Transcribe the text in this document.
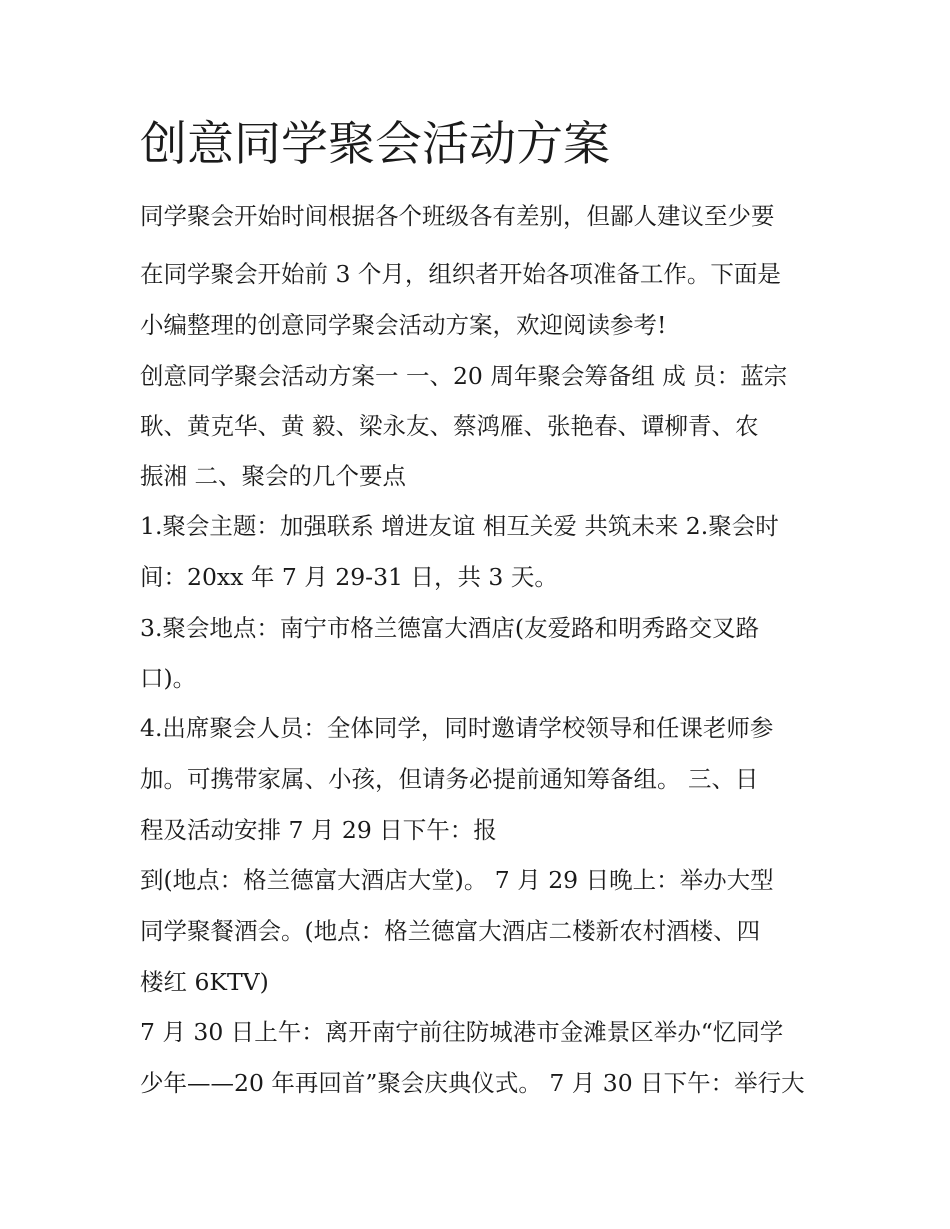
创意同学聚会活动方案

同学聚会开始时间根据各个班级各有差别，但鄙人建议至少要

在同学聚会开始前 3 个月，组织者开始各项准备工作。下面是

小编整理的创意同学聚会活动方案，欢迎阅读参考!

创意同学聚会活动方案一 一、20 周年聚会筹备组 成 员：蓝宗

耿、黄克华、黄 毅、梁永友、蔡鸿雁、张艳春、谭柳青、农

振湘 二、聚会的几个要点

1.聚会主题：加强联系 增进友谊 相互关爱 共筑未来 2.聚会时

间：20xx 年 7 月 29-31 日，共 3 天。

3.聚会地点：南宁市格兰德富大酒店(友爱路和明秀路交叉路

口)。

4.出席聚会人员：全体同学，同时邀请学校领导和任课老师参

加。可携带家属、小孩，但请务必提前通知筹备组。 三、日

程及活动安排 7 月 29 日下午：报

到(地点：格兰德富大酒店大堂)。 7 月 29 日晚上：举办大型

同学聚餐酒会。(地点：格兰德富大酒店二楼新农村酒楼、四

楼红 6KTV)

7 月 30 日上午：离开南宁前往防城港市金滩景区举办“忆同学

少年——20 年再回首”聚会庆典仪式。 7 月 30 日下午：举行大
